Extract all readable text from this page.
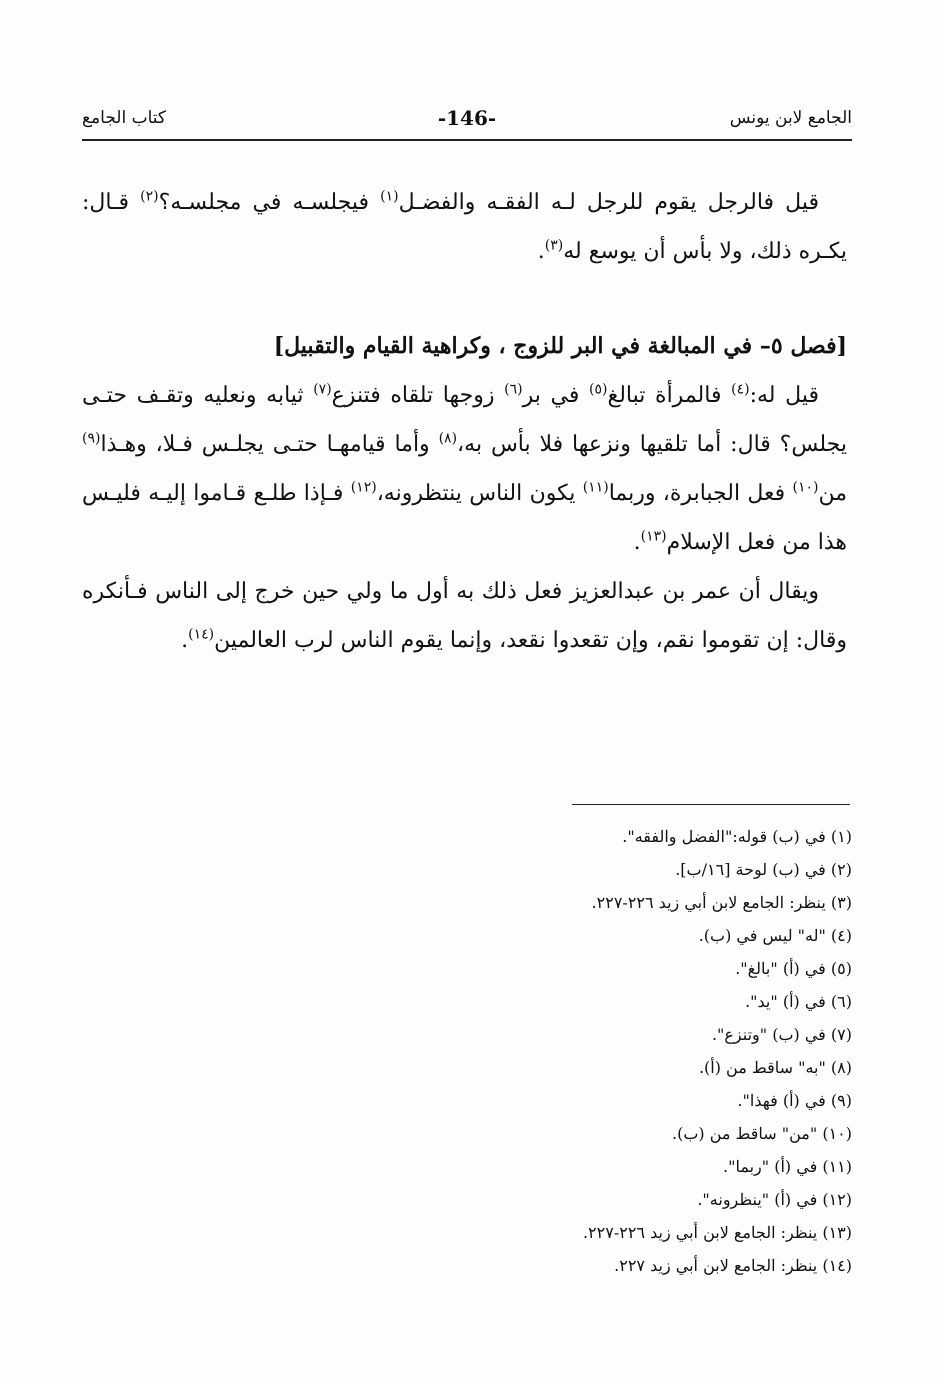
الجامع لابن يونس
-146-
كتاب الجامع

قيل فالرجل يقوم للرجل لـه الفقـه والفضـل$^{(١)}$ فيجلسـه في مجلسـه؟$^{(٢)}$ قـال: يكـره ذلك، ولا بأس أن يوسع له$^{(٣)}$.

[فصل ٥– في المبالغة في البر للزوج ، وكراهية القيام والتقبيل]

قيل له:$^{(٤)}$ فالمرأة تبالغ$^{(٥)}$ في بر$^{(٦)}$ زوجها تلقاه فتنزع$^{(٧)}$ ثيابه ونعليه وتقـف حتـى يجلس؟ قال: أما تلقيها ونزعها فلا بأس به،$^{(٨)}$ وأما قيامهـا حتـى يجلـس فـلا، وهـذا$^{(٩)}$ من$^{(١٠)}$ فعل الجبابرة، وربما$^{(١١)}$ يكون الناس ينتظرونه،$^{(١٢)}$ فـإذا طلـع قـاموا إليـه فليـس هذا من فعل الإسلام$^{(١٣)}$.

ويقال أن عمر بن عبدالعزيز فعل ذلك به أول ما ولي حين خرج إلى الناس فـأنكره وقال: إن تقوموا نقم، وإن تقعدوا نقعد، وإنما يقوم الناس لرب العالمين$^{(١٤)}$.

(١) في (ب) قوله:"الفضل والفقه".
(٢) في (ب) لوحة [١٦/ب].
(٣) ينظر: الجامع لابن أبي زيد ٢٢٦-٢٢٧.
(٤) "له" ليس في (ب).
(٥) في (أ) "بالغ".
(٦) في (أ) "يد".
(٧) في (ب) "وتنزع".
(٨) "به" ساقط من (أ).
(٩) في (أ) فهذا".
(١٠) "من" ساقط من (ب).
(١١) في (أ) "ربما".
(١٢) في (أ) "ينظرونه".
(١٣) ينظر: الجامع لابن أبي زيد ٢٢٦-٢٢٧.
(١٤) ينظر: الجامع لابن أبي زيد ٢٢٧.
